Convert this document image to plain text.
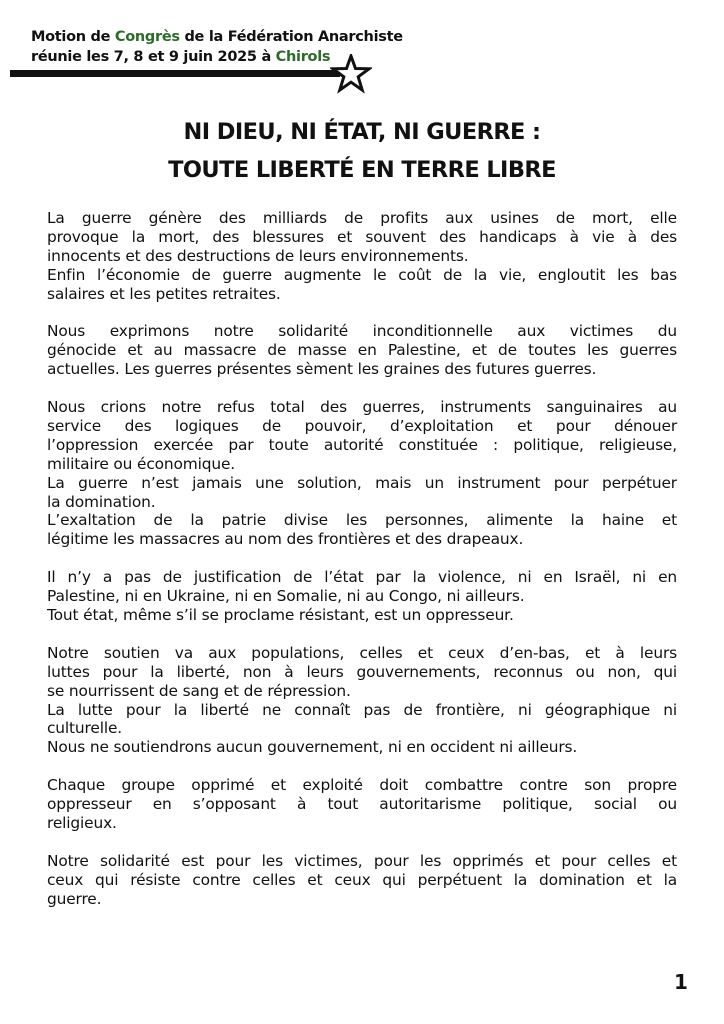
Motion de Congrès de la Fédération Anarchiste
réunie les 7, 8 et 9 juin 2025 à Chirols
NI DIEU, NI ÉTAT, NI GUERRE :
TOUTE LIBERTÉ EN TERRE LIBRE

La guerre génère des milliards de profits aux usines de mort, elle
provoque la mort, des blessures et souvent des handicaps à vie à des
innocents et des destructions de leurs environnements.
Enfin l’économie de guerre augmente le coût de la vie, engloutit les bas
salaires et les petites retraites.

Nous exprimons notre solidarité inconditionnelle aux victimes du
génocide et au massacre de masse en Palestine, et de toutes les guerres
actuelles. Les guerres présentes sèment les graines des futures guerres.

Nous crions notre refus total des guerres, instruments sanguinaires au
service des logiques de pouvoir, d’exploitation et pour dénouer
l’oppression exercée par toute autorité constituée : politique, religieuse,
militaire ou économique.
La guerre n’est jamais une solution, mais un instrument pour perpétuer
la domination.
L’exaltation de la patrie divise les personnes, alimente la haine et
légitime les massacres au nom des frontières et des drapeaux.

Il n’y a pas de justification de l’état par la violence, ni en Israël, ni en
Palestine, ni en Ukraine, ni en Somalie, ni au Congo, ni ailleurs.
Tout état, même s’il se proclame résistant, est un oppresseur.

Notre soutien va aux populations, celles et ceux d’en-bas, et à leurs
luttes pour la liberté, non à leurs gouvernements, reconnus ou non, qui
se nourrissent de sang et de répression.
La lutte pour la liberté ne connaît pas de frontière, ni géographique ni
culturelle.
Nous ne soutiendrons aucun gouvernement, ni en occident ni ailleurs.

Chaque groupe opprimé et exploité doit combattre contre son propre
oppresseur en s’opposant à tout autoritarisme politique, social ou
religieux.

Notre solidarité est pour les victimes, pour les opprimés et pour celles et
ceux qui résiste contre celles et ceux qui perpétuent la domination et la
guerre.

1
